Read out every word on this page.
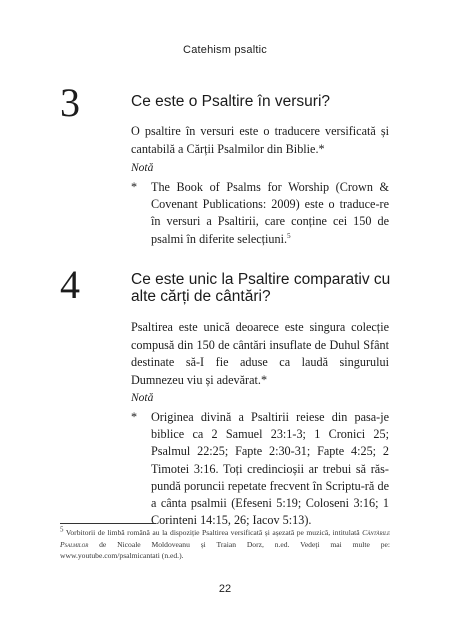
Catehism psaltic
3	Ce este o Psaltire în versuri?
O psaltire în versuri este o traducere versificată și cantabilă a Cărții Psalmilor din Biblie.*
Notă
* The Book of Psalms for Worship (Crown & Covenant Publications: 2009) este o traduce-re în versuri a Psaltirii, care conține cei 150 de psalmi în diferite selecțiuni.$^5$
4	Ce este unic la Psaltire comparativ cu alte cărți de cântări?
Psaltirea este unică deoarece este singura colecție compusă din 150 de cântări insuflate de Duhul Sfânt destinate să-I fie aduse ca laudă singurului Dumnezeu viu și adevărat.*
Notă
* Originea divină a Psaltirii reiese din pasa-je biblice ca 2 Samuel 23:1-3; 1 Cronici 25; Psalmul 22:25; Fapte 2:30-31; Fapte 4:25; 2 Timotei 3:16. Toți credincioșii ar trebui să răs-pundă poruncii repetate frecvent în Scriptu-ră de a cânta psalmii (Efeseni 5:19; Coloseni 3:16; 1 Corinteni 14:15, 26; Iacov 5:13).
$^5$ Vorbitorii de limbă română au la dispoziție Psaltirea versificată și așezată pe muzică, intitulată Cântările Psalmilor de Nicoale Moldoveanu și Traian Dorz, n.ed. Vedeți mai multe pe: www.youtube.com/psalmicantati (n.ed.).
22
